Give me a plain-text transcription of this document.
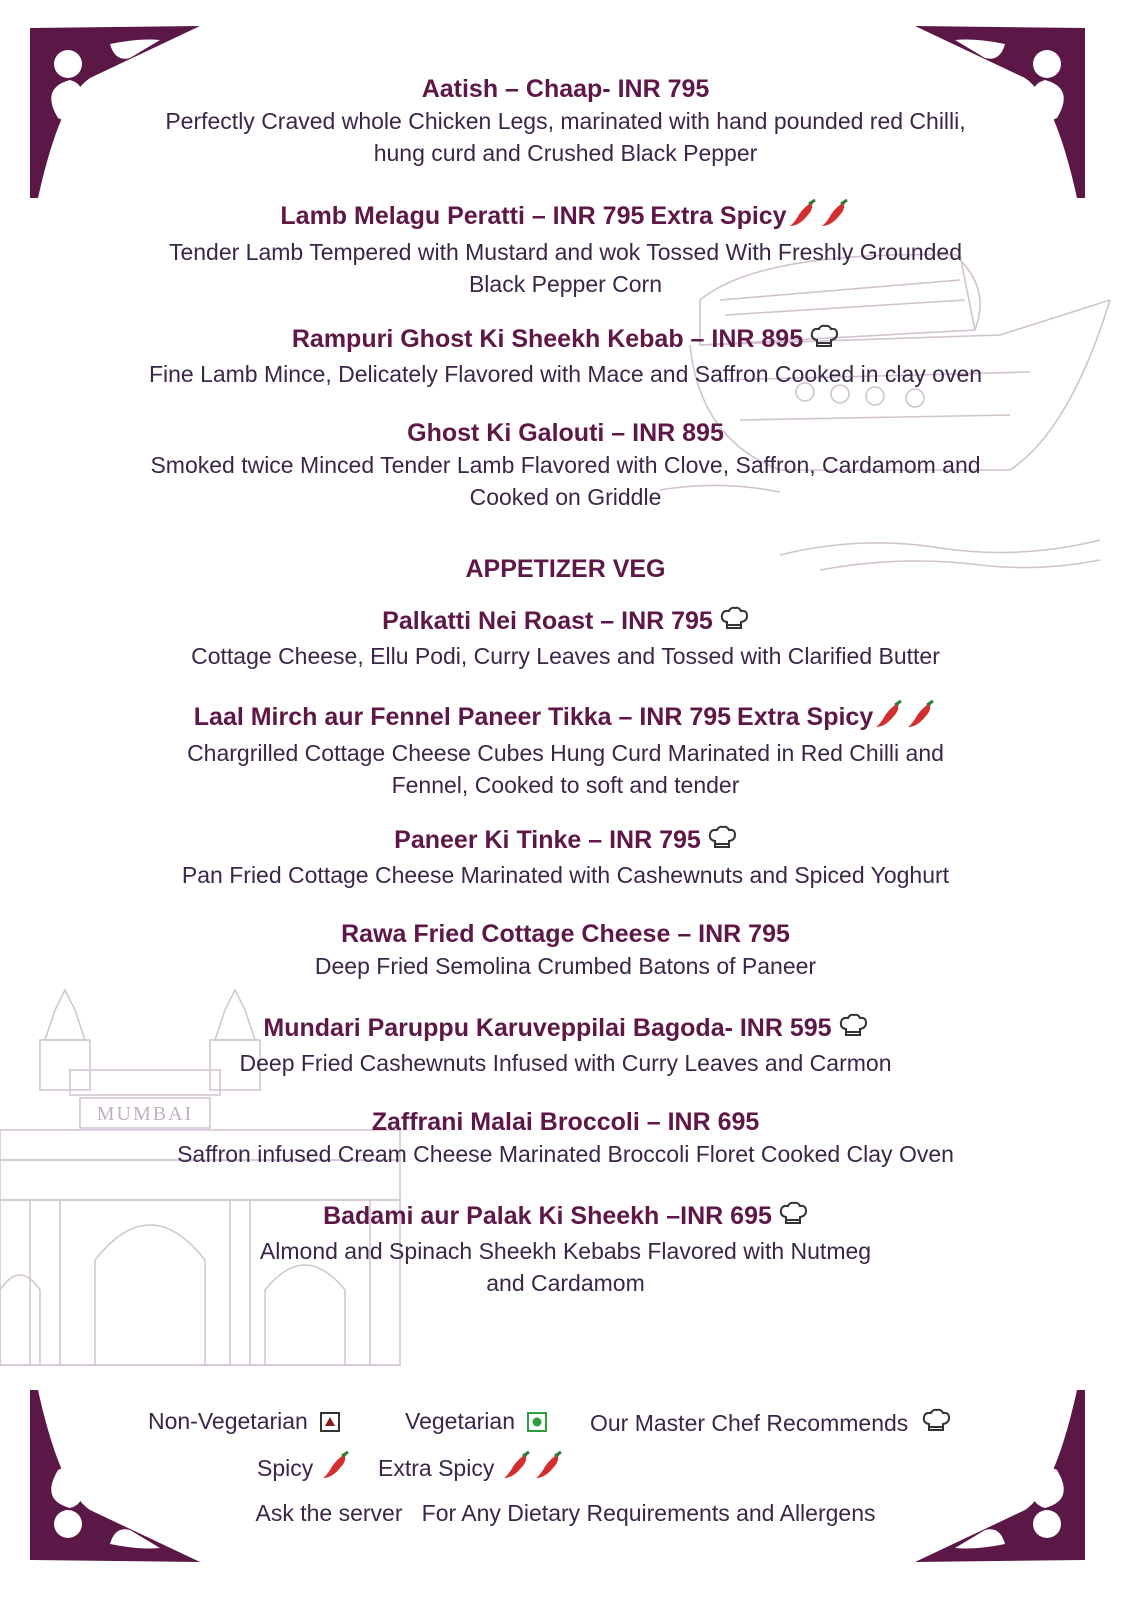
MUMBAI
Aatish – Chaap- INR 795
Perfectly Craved whole Chicken Legs, marinated with hand pounded red Chilli,
hung curd and Crushed Black Pepper
Lamb Melagu Peratti – INR 795 Extra Spicy
Tender Lamb Tempered with Mustard and wok Tossed With Freshly Grounded
Black Pepper Corn
Rampuri Ghost Ki Sheekh Kebab – INR 895
Fine Lamb Mince, Delicately Flavored with Mace and Saffron Cooked in clay oven
Ghost Ki Galouti – INR 895
Smoked twice Minced Tender Lamb Flavored with Clove, Saffron, Cardamom and
Cooked on Griddle
Palkatti Nei Roast – INR 795
Cottage Cheese, Ellu Podi, Curry Leaves and Tossed with Clarified Butter
Laal Mirch aur Fennel Paneer Tikka – INR 795 Extra Spicy
Chargrilled Cottage Cheese Cubes Hung Curd Marinated in Red Chilli and
Fennel, Cooked to soft and tender
Paneer Ki Tinke – INR 795
Pan Fried Cottage Cheese Marinated with Cashewnuts and Spiced Yoghurt
Rawa Fried Cottage Cheese – INR 795
Deep Fried Semolina Crumbed Batons of Paneer
Mundari Paruppu Karuveppilai Bagoda- INR 595
Deep Fried Cashewnuts Infused with Curry Leaves and Carmon
Zaffrani Malai Broccoli – INR 695
Saffron infused Cream Cheese Marinated Broccoli Floret Cooked Clay Oven
Badami aur Palak Ki Sheekh –INR 695
Almond and Spinach Sheekh Kebabs Flavored with Nutmeg
and Cardamom
APPETIZER VEG
Non-Vegetarian	Vegetarian	Our Master Chef Recommends
Spicy	Extra Spicy
Ask the server   For Any Dietary Requirements and Allergens
